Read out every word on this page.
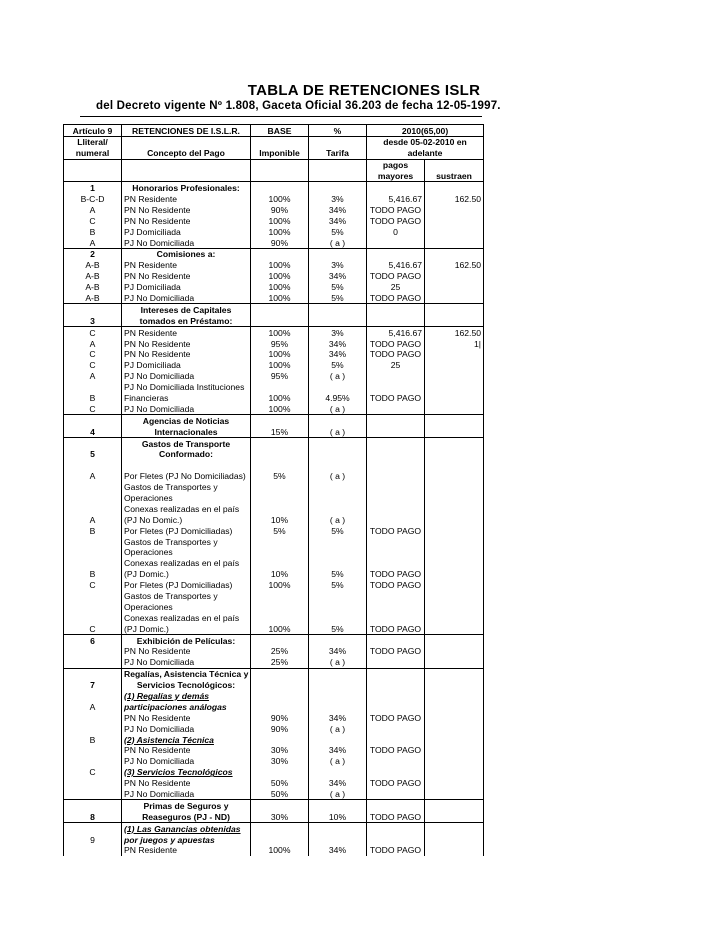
TABLA DE RETENCIONES ISLR
del Decreto vigente Nº 1.808, Gaceta Oficial 36.203 de fecha 12-05-1997.
Artículo 9	RETENCIONES DE I.S.L.R.	BASE	%	2010(65,00)	
Lliteral/				desde 05-02-2010 en	
numeral	Concepto del Pago	Imponible	Tarifa	adelante	
				pagos	
				mayores	sustraen
1	Honorarios Profesionales:				
B-C-D	PN Residente	100%	3%	5,416.67	162.50
A	PN No Residente	90%	34%	TODO PAGO	
C	PN No Residente	100%	34%	TODO PAGO	
B	PJ Domiciliada	100%	5%	0	
A	PJ No Domiciliada	90%	( a )		
2	Comisiones a:				
A-B	PN Residente	100%	3%	5,416.67	162.50
A-B	PN No Residente	100%	34%	TODO PAGO	
A-B	PJ Domiciliada	100%	5%	25	
A-B	PJ No Domiciliada	100%	5%	TODO PAGO	
	Intereses de Capitales				
3	tomados en Préstamo:				
C	PN Residente	100%	3%	5,416.67	162.50
A	PN No Residente	95%	34%	TODO PAGO	1|
C	PN No Residente	100%	34%	TODO PAGO	
C	PJ Domiciliada	100%	5%	25	
A	PJ No Domiciliada	95%	( a )		
	PJ No Domiciliada Instituciones				
B	Financieras	100%	4.95%	TODO PAGO	
C	PJ No Domiciliada	100%	( a )		
	Agencias de Noticias				
4	Internacionales	15%	( a )		
	Gastos de Transporte				
5	Conformado:				

A	Por Fletes (PJ No Domiciliadas)	5%	( a )		
	Gastos de Transportes y				
	Operaciones				
	Conexas realizadas en el país				
A	(PJ No Domic.)	10%	( a )		
B	Por Fletes (PJ Domiciliadas)	5%	5%	TODO PAGO	
	Gastos de Transportes y				
	Operaciones				
	Conexas realizadas en el país				
B	(PJ Domic.)	10%	5%	TODO PAGO	
C	Por Fletes (PJ Domiciliadas)	100%	5%	TODO PAGO	
	Gastos de Transportes y				
	Operaciones				
	Conexas realizadas en el país				
C	(PJ Domic.)	100%	5%	TODO PAGO	
6	Exhibición de Películas:				
	PN No Residente	25%	34%	TODO PAGO	
	PJ No Domiciliada	25%	( a )		
	Regalías, Asistencia Técnica y				
7	Servicios Tecnológicos:				
	(1) Regalías y demás				
A	participaciones análogas				
	PN No Residente	90%	34%	TODO PAGO	
	PJ No Domiciliada	90%	( a )		
B	(2) Asistencia Técnica				
	PN No Residente	30%	34%	TODO PAGO	
	PJ No Domiciliada	30%	( a )		
C	(3) Servicios Tecnológicos				
	PN No Residente	50%	34%	TODO PAGO	
	PJ No Domiciliada	50%	( a )		
	Primas de Seguros y				
8	Reaseguros (PJ - ND)	30%	10%	TODO PAGO	
	(1) Las Ganancias obtenidas				
9	por juegos y apuestas				
	PN Residente	100%	34%	TODO PAGO	
